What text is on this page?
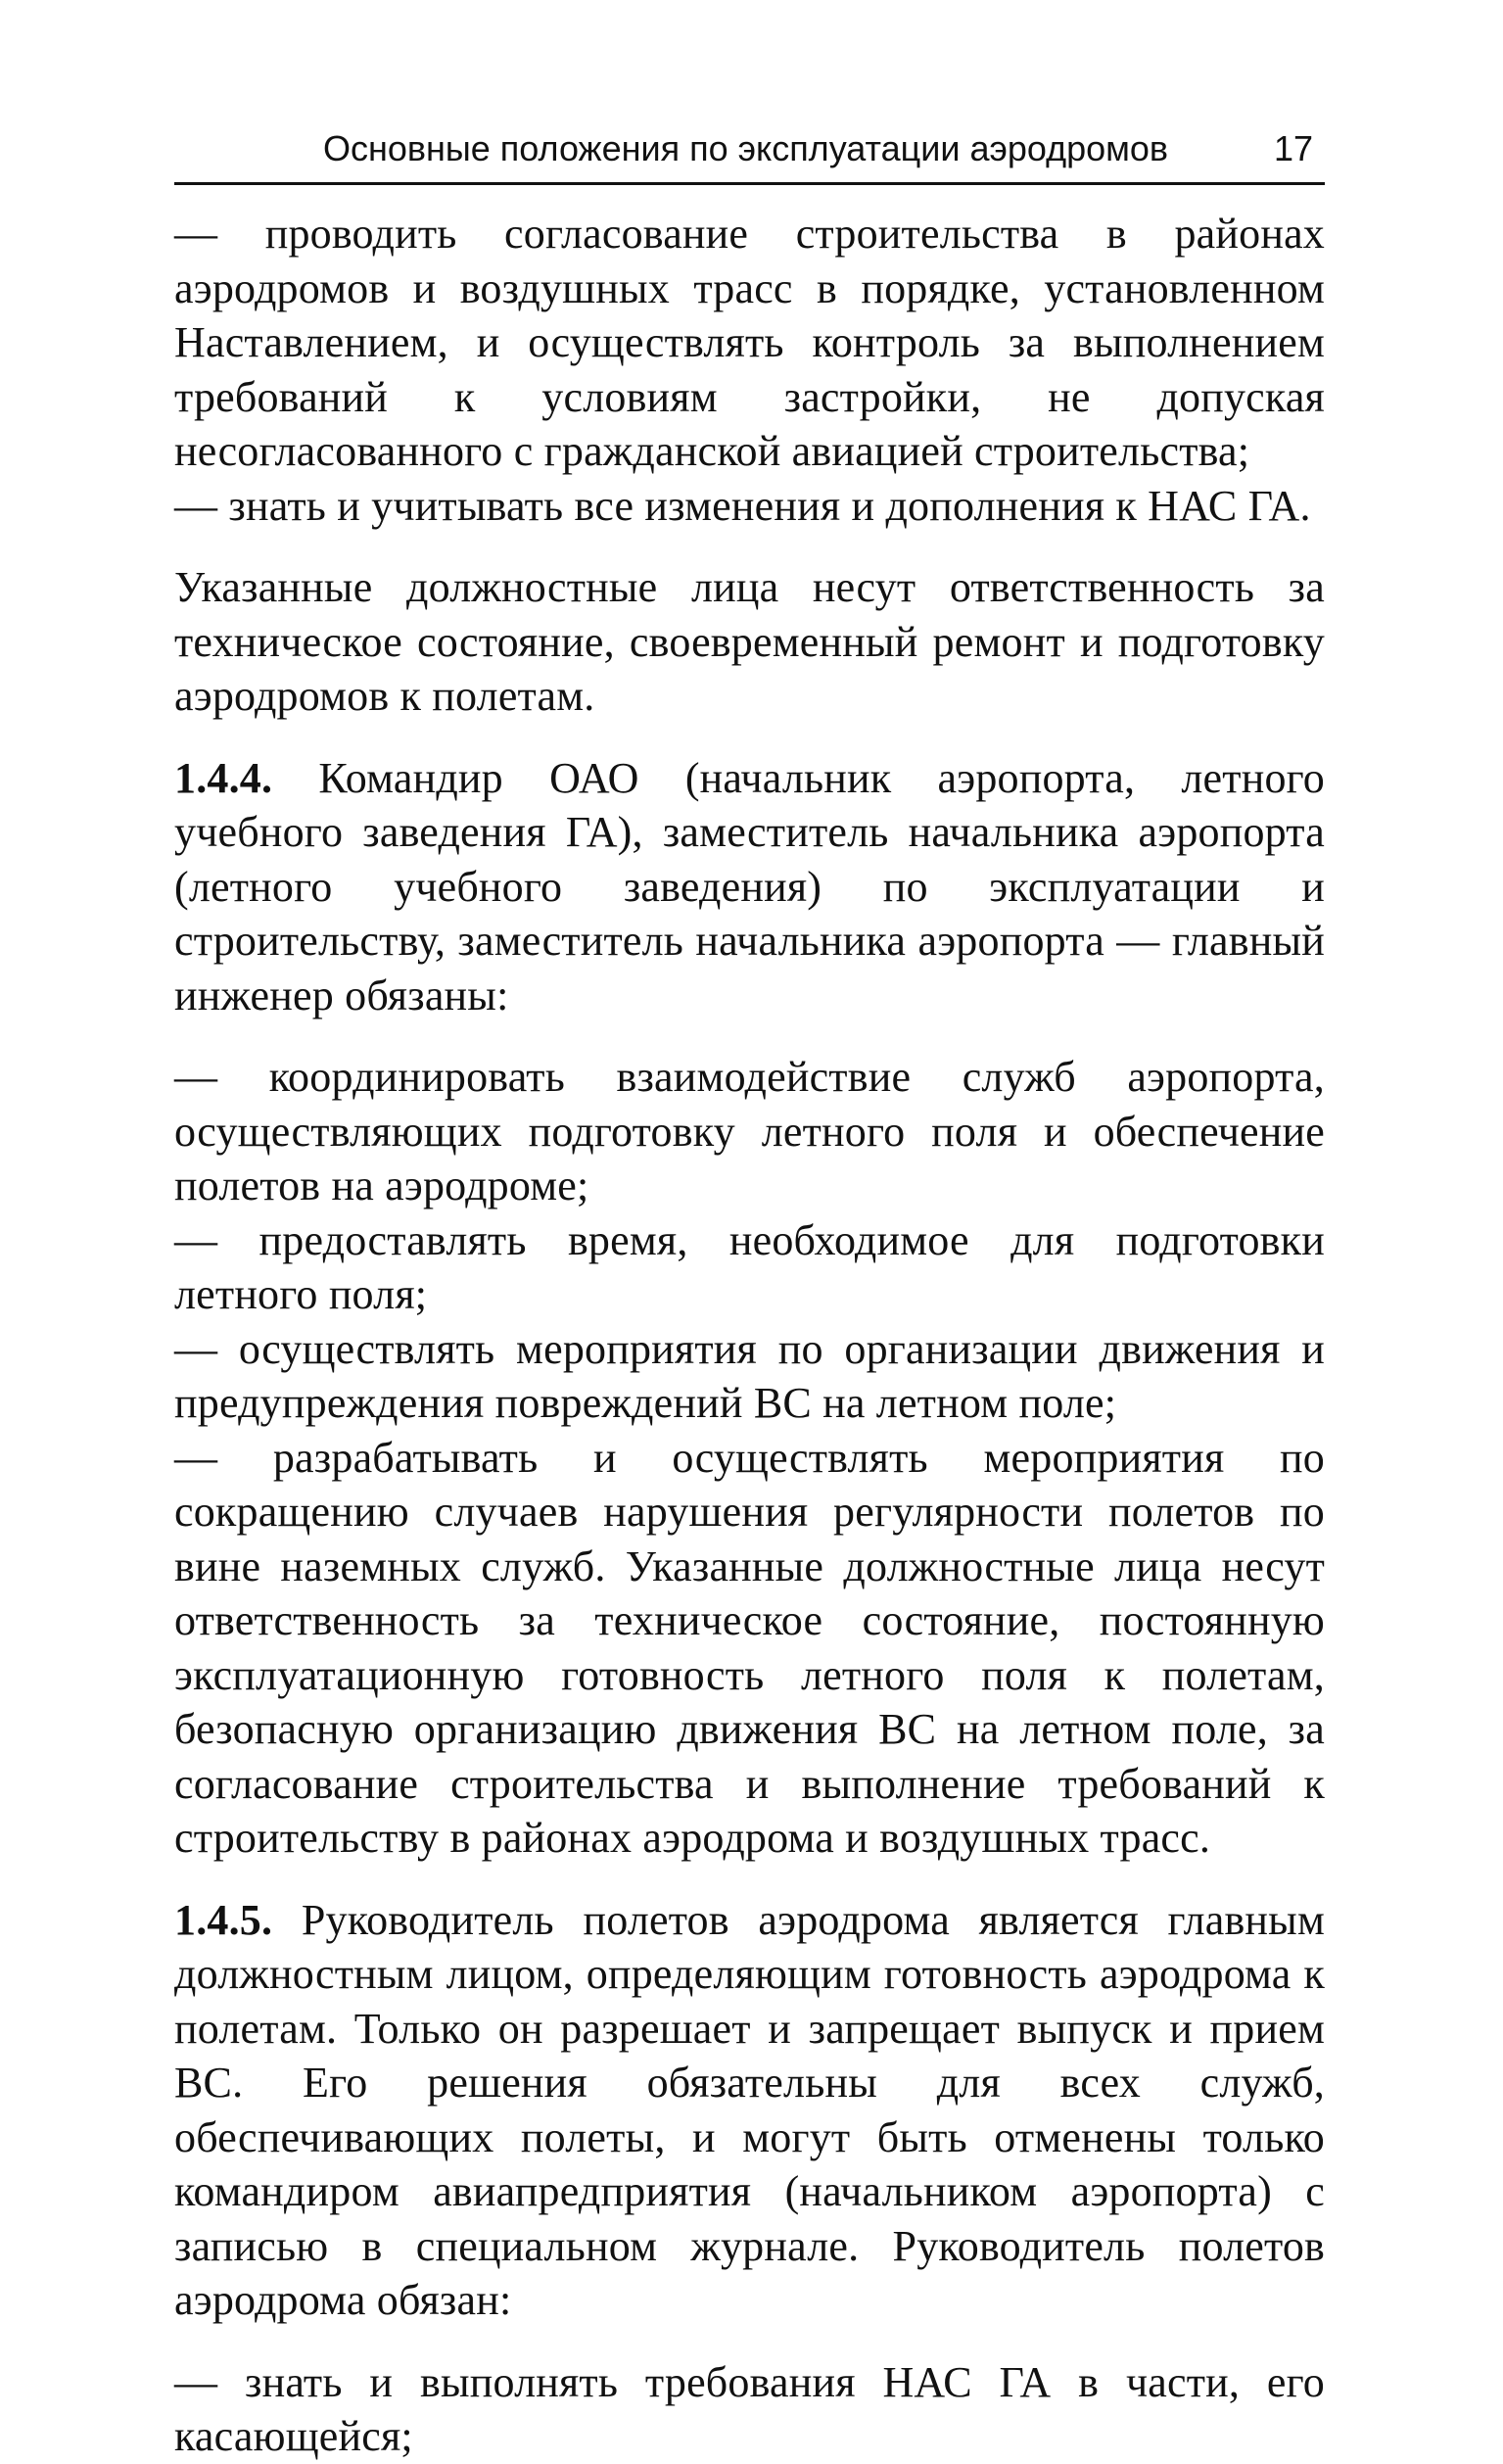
Основные положения по эксплуатации аэродромов	17

— проводить согласование строительства в районах аэродромов и воздушных трасс в порядке, установленном Наставлением, и осуществлять контроль за выполнением требований к условиям застройки, не допуская несогласованного с гражданской авиацией строительства;

— знать и учитывать все изменения и дополнения к НАС ГА.

Указанные должностные лица несут ответственность за техническое состояние, своевременный ремонт и подготовку аэродромов к полетам.

1.4.4. Командир ОАО (начальник аэропорта, летного учебного заведения ГА), заместитель начальника аэропорта (летного учебного заведения) по эксплуатации и строительству, заместитель начальника аэропорта — главный инженер обязаны:

— координировать взаимодействие служб аэропорта, осуществляющих подготовку летного поля и обеспечение полетов на аэродроме;

— предоставлять время, необходимое для подготовки летного поля;

— осуществлять мероприятия по организации движения и предупреждения повреждений ВС на летном поле;

— разрабатывать и осуществлять мероприятия по сокращению случаев нарушения регулярности полетов по вине наземных служб. Указанные должностные лица несут ответственность за техническое состояние, постоянную эксплуатационную готовность летного поля к полетам, безопасную организацию движения ВС на летном поле, за согласование строительства и выполнение требований к строительству в районах аэродрома и воздушных трасс.

1.4.5. Руководитель полетов аэродрома является главным должностным лицом, определяющим готовность аэродрома к полетам. Только он разрешает и запрещает выпуск и прием ВС. Его решения обязательны для всех служб, обеспечивающих полеты, и могут быть отменены только командиром авиапредприятия (начальником аэропорта) с записью в специальном журнале. Руководитель полетов аэродрома обязан:

— знать и выполнять требования НАС ГА в части, его касающейся;
